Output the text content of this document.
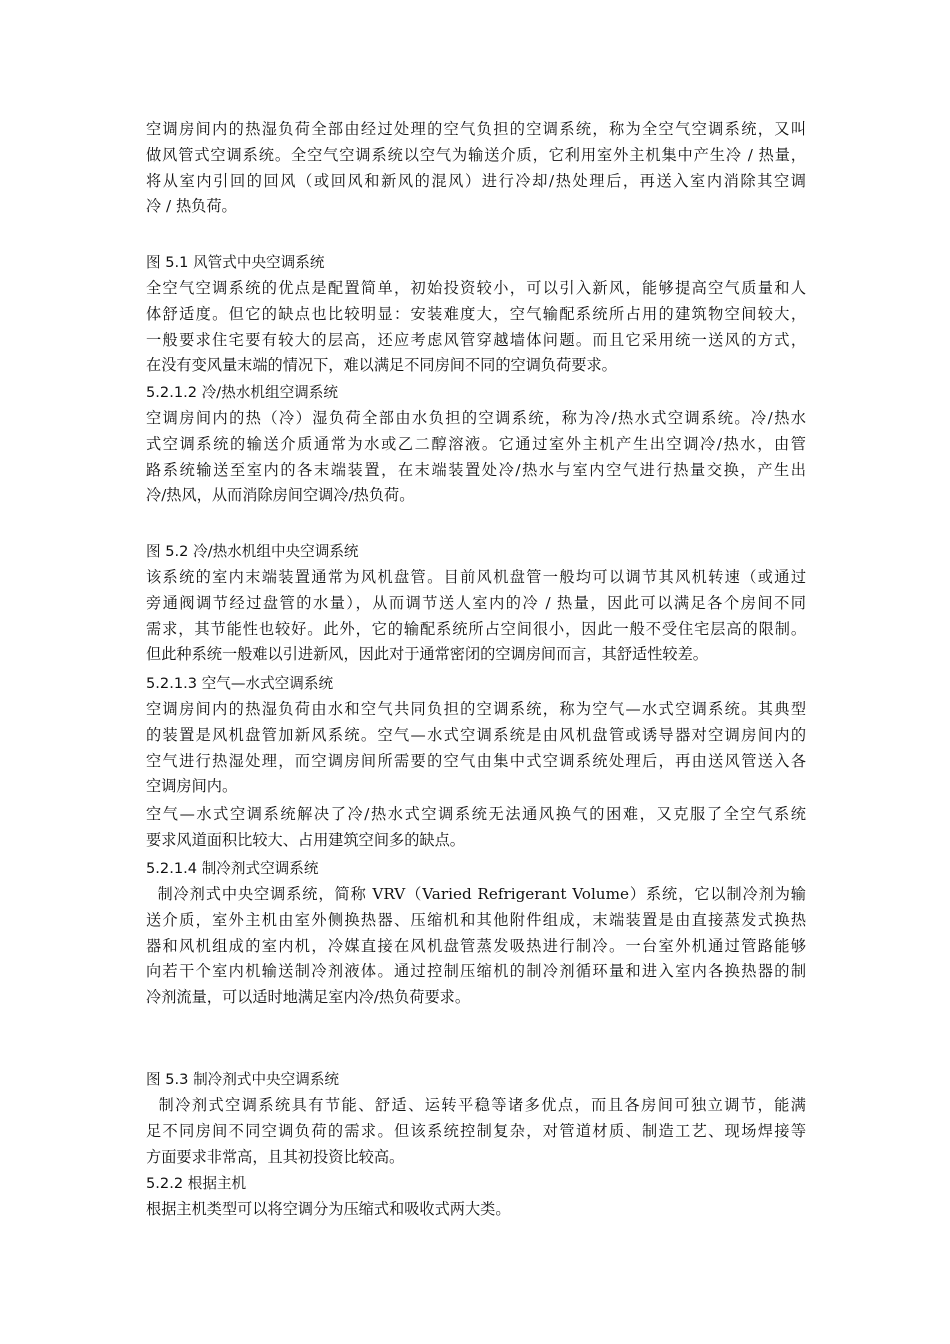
空调房间内的热湿负荷全部由经过处理的空气负担的空调系统，称为全空气空调系统，又叫
做风管式空调系统。全空气空调系统以空气为输送介质，它利用室外主机集中产生冷 / 热量，
将从室内引回的回风（或回风和新风的混风）进行冷却/热处理后，再送入室内消除其空调
冷 / 热负荷。
图 5.1 风管式中央空调系统
全空气空调系统的优点是配置简单，初始投资较小，可以引入新风，能够提高空气质量和人
体舒适度。但它的缺点也比较明显：安装难度大，空气输配系统所占用的建筑物空间较大，
一般要求住宅要有较大的层高，还应考虑风管穿越墙体问题。而且它采用统一送风的方式，
在没有变风量末端的情况下，难以满足不同房间不同的空调负荷要求。
5.2.1.2 冷/热水机组空调系统
空调房间内的热（冷）湿负荷全部由水负担的空调系统，称为冷/热水式空调系统。冷/热水
式空调系统的输送介质通常为水或乙二醇溶液。它通过室外主机产生出空调冷/热水，由管
路系统输送至室内的各末端装置，在末端装置处冷/热水与室内空气进行热量交换，产生出
冷/热风，从而消除房间空调冷/热负荷。
图 5.2 冷/热水机组中央空调系统
该系统的室内末端装置通常为风机盘管。目前风机盘管一般均可以调节其风机转速（或通过
旁通阀调节经过盘管的水量），从而调节送人室内的冷 / 热量，因此可以满足各个房间不同
需求，其节能性也较好。此外，它的输配系统所占空间很小，因此一般不受住宅层高的限制。
但此种系统一般难以引进新风，因此对于通常密闭的空调房间而言，其舒适性较差。
5.2.1.3 空气—水式空调系统
空调房间内的热湿负荷由水和空气共同负担的空调系统，称为空气—水式空调系统。其典型
的装置是风机盘管加新风系统。空气—水式空调系统是由风机盘管或诱导器对空调房间内的
空气进行热湿处理，而空调房间所需要的空气由集中式空调系统处理后，再由送风管送入各
空调房间内。
空气—水式空调系统解决了冷/热水式空调系统无法通风换气的困难，又克服了全空气系统
要求风道面积比较大、占用建筑空间多的缺点。
5.2.1.4 制冷剂式空调系统
制冷剂式中央空调系统，简称 VRV（Varied Refrigerant Volume）系统，它以制冷剂为输
送介质，室外主机由室外侧换热器、压缩机和其他附件组成，末端装置是由直接蒸发式换热
器和风机组成的室内机，冷媒直接在风机盘管蒸发吸热进行制冷。一台室外机通过管路能够
向若干个室内机输送制冷剂液体。通过控制压缩机的制冷剂循环量和进入室内各换热器的制
冷剂流量，可以适时地满足室内冷/热负荷要求。
图 5.3 制冷剂式中央空调系统
制冷剂式空调系统具有节能、舒适、运转平稳等诸多优点，而且各房间可独立调节，能满
足不同房间不同空调负荷的需求。但该系统控制复杂，对管道材质、制造工艺、现场焊接等
方面要求非常高，且其初投资比较高。
5.2.2 根据主机
根据主机类型可以将空调分为压缩式和吸收式两大类。
